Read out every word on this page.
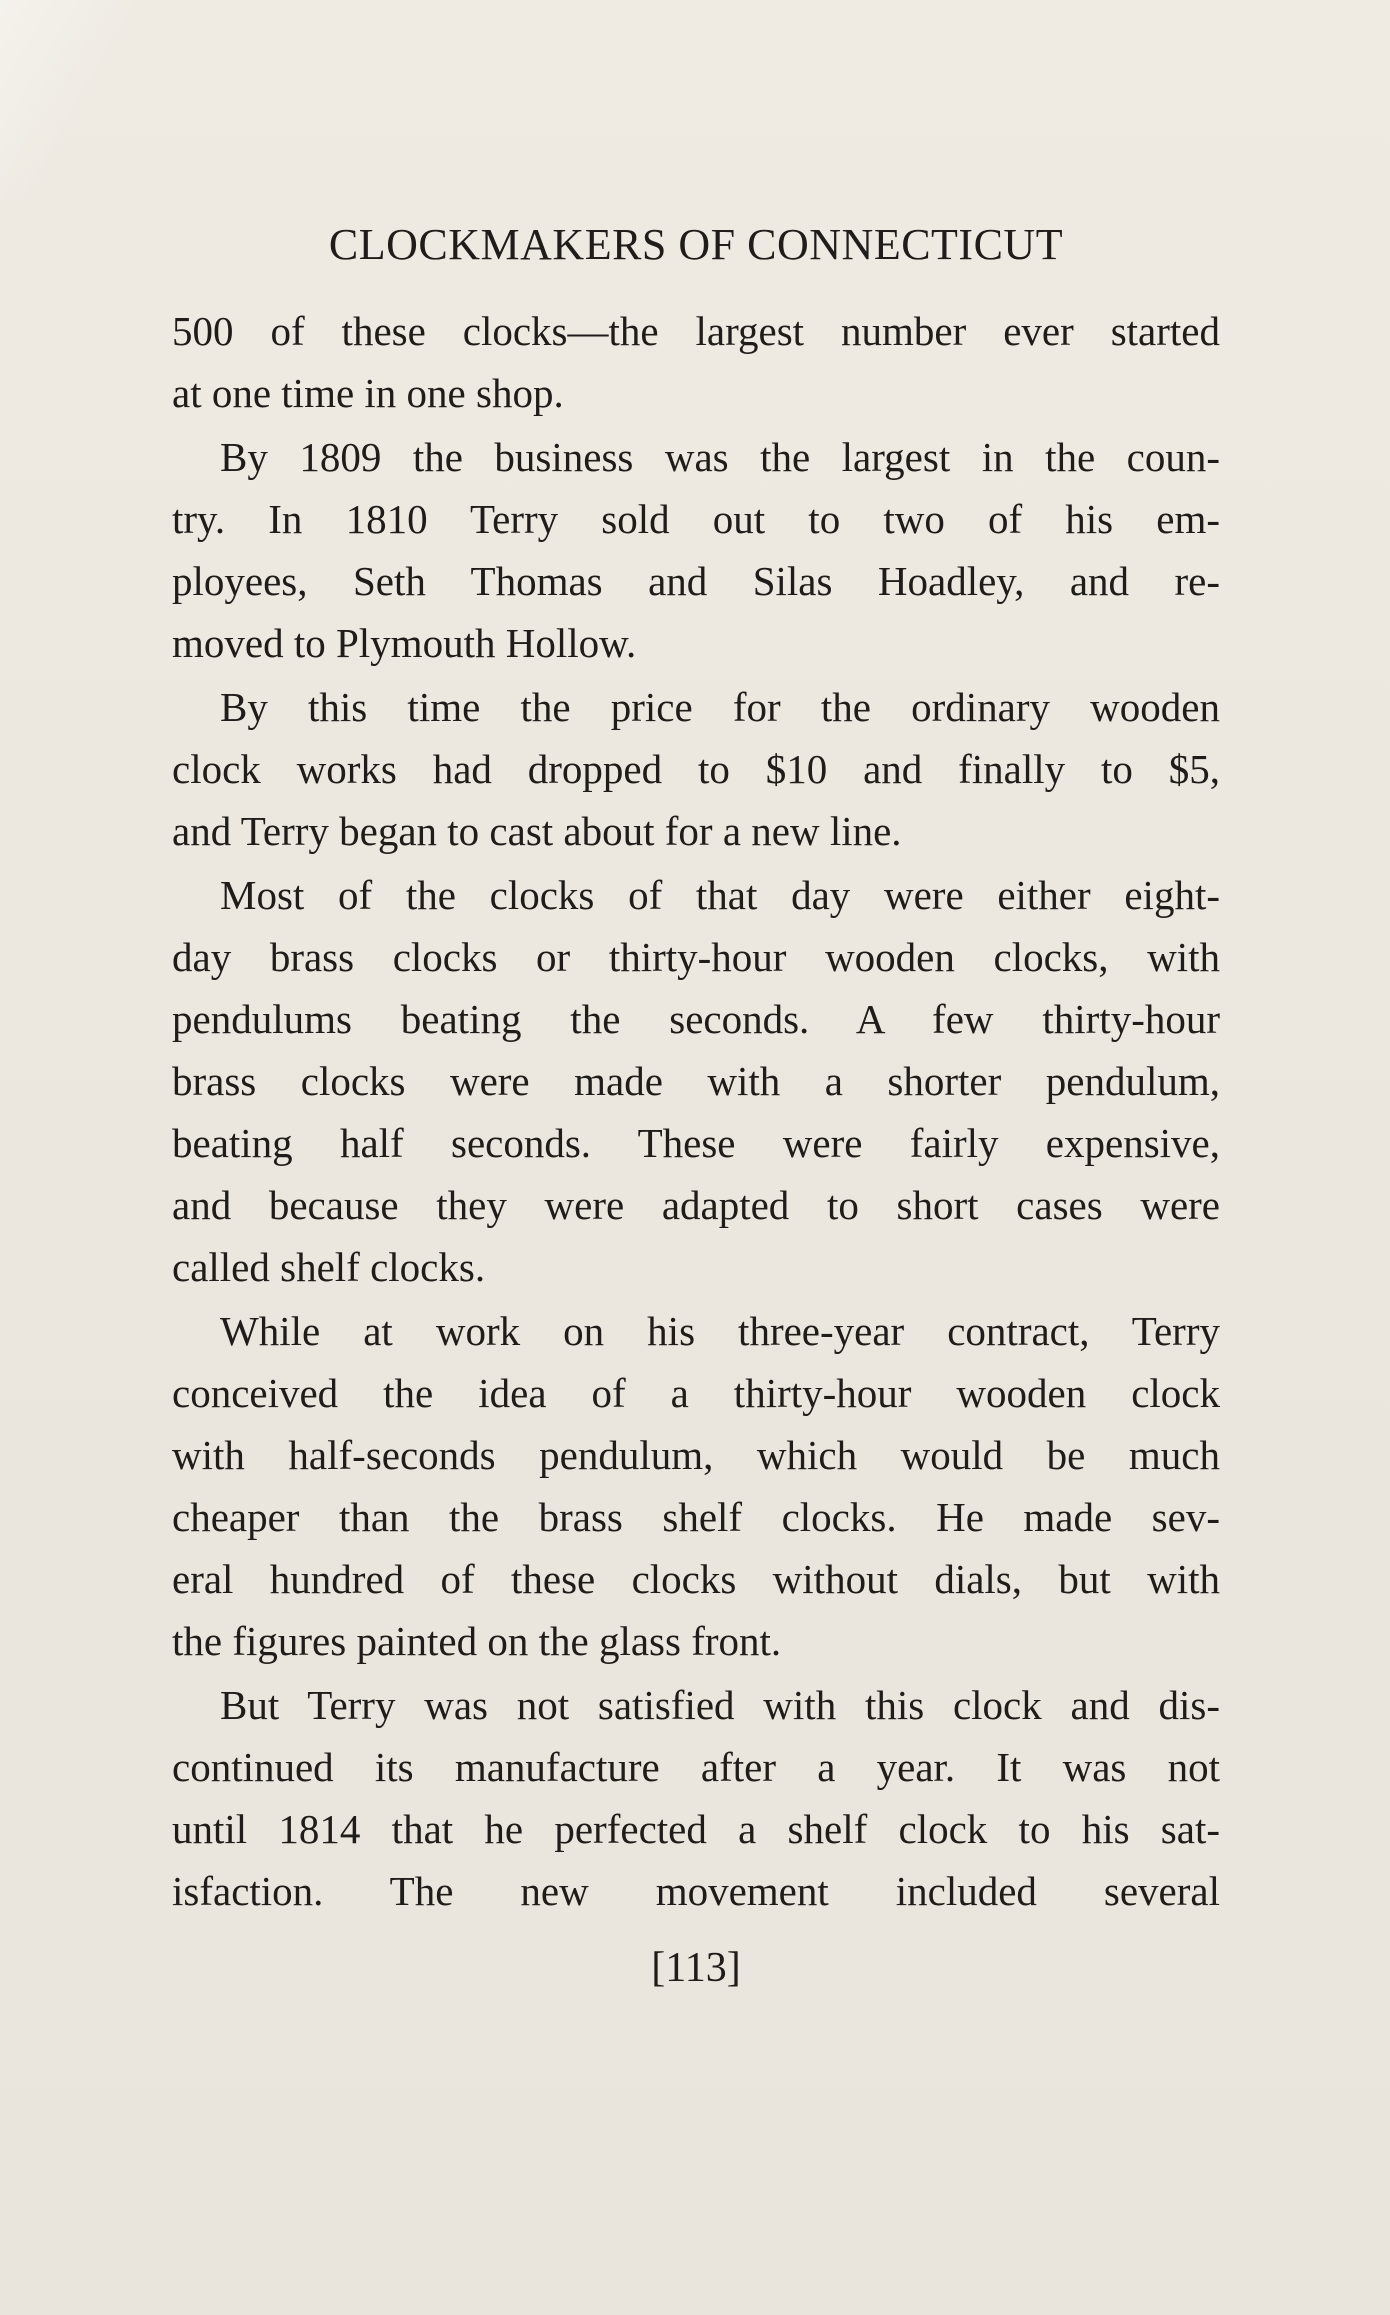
CLOCKMAKERS OF CONNECTICUT
500 of these clocks—the largest number ever started
at one time in one shop.
By 1809 the business was the largest in the coun-
try. In 1810 Terry sold out to two of his em-
ployees, Seth Thomas and Silas Hoadley, and re-
moved to Plymouth Hollow.
By this time the price for the ordinary wooden
clock works had dropped to $10 and finally to $5,
and Terry began to cast about for a new line.
Most of the clocks of that day were either eight-
day brass clocks or thirty-hour wooden clocks, with
pendulums beating the seconds. A few thirty-hour
brass clocks were made with a shorter pendulum,
beating half seconds. These were fairly expensive,
and because they were adapted to short cases were
called shelf clocks.
While at work on his three-year contract, Terry
conceived the idea of a thirty-hour wooden clock
with half-seconds pendulum, which would be much
cheaper than the brass shelf clocks. He made sev-
eral hundred of these clocks without dials, but with
the figures painted on the glass front.
But Terry was not satisfied with this clock and dis-
continued its manufacture after a year. It was not
until 1814 that he perfected a shelf clock to his sat-
isfaction. The new movement included several
[113]
